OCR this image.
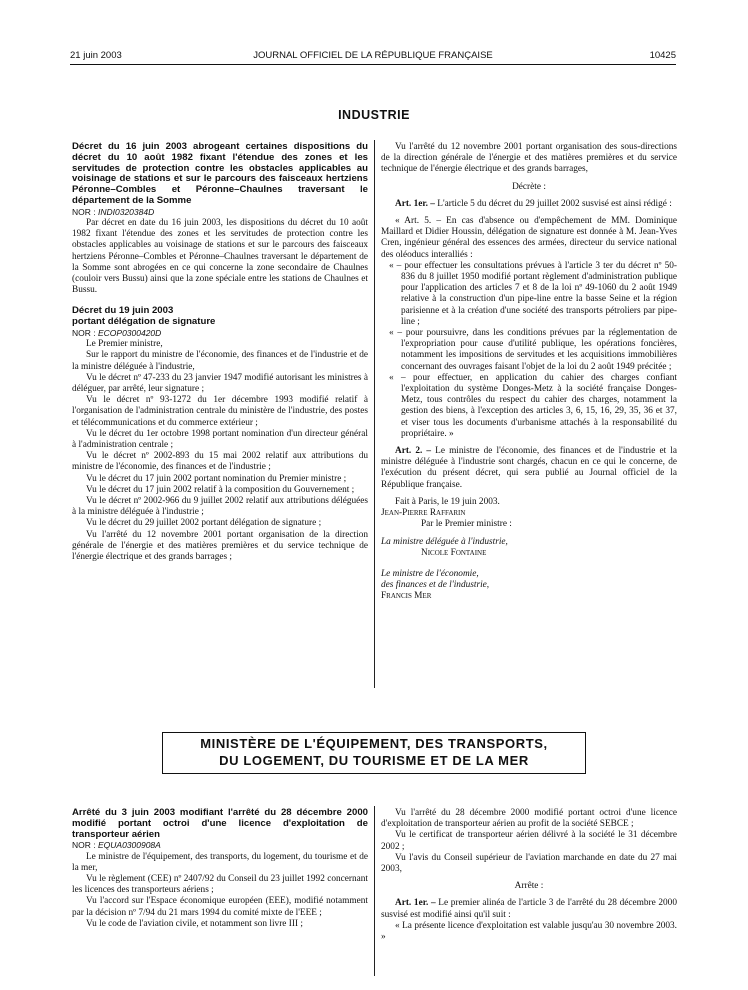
21 juin 2003	JOURNAL OFFICIEL DE LA RÉPUBLIQUE FRANÇAISE	10425
INDUSTRIE

Décret du 16 juin 2003 abrogeant certaines dispositions du décret du 10 août 1982 fixant l'étendue des zones et les servitudes de protection contre les obstacles applicables au voisinage de stations et sur le parcours des faisceaux hertziens Péronne–Combles et Péronne–Chaulnes traversant le département de la Somme

NOR : INDI0320384D

Par décret en date du 16 juin 2003, les dispositions du décret du 10 août 1982 fixant l'étendue des zones et les servitudes de protection contre les obstacles applicables au voisinage de stations et sur le parcours des faisceaux hertziens Péronne–Combles et Péronne–Chaulnes traversant le département de la Somme sont abrogées en ce qui concerne la zone secondaire de Chaulnes (couloir vers Bussu) ainsi que la zone spéciale entre les stations de Chaulnes et Bussu.

Décret du 19 juin 2003

portant délégation de signature

NOR : ECOP0300420D

Le Premier ministre,

Sur le rapport du ministre de l'économie, des finances et de l'industrie et de la ministre déléguée à l'industrie,

Vu le décret nº 47-233 du 23 janvier 1947 modifié autorisant les ministres à déléguer, par arrêté, leur signature ;

Vu le décret nº 93-1272 du 1er décembre 1993 modifié relatif à l'organisation de l'administration centrale du ministère de l'industrie, des postes et télécommunications et du commerce extérieur ;

Vu le décret du 1er octobre 1998 portant nomination d'un directeur général à l'administration centrale ;

Vu le décret nº 2002-893 du 15 mai 2002 relatif aux attributions du ministre de l'économie, des finances et de l'industrie ;

Vu le décret du 17 juin 2002 portant nomination du Premier ministre ;

Vu le décret du 17 juin 2002 relatif à la composition du Gouvernement ;

Vu le décret nº 2002-966 du 9 juillet 2002 relatif aux attributions déléguées à la ministre déléguée à l'industrie ;

Vu le décret du 29 juillet 2002 portant délégation de signature ;

Vu l'arrêté du 12 novembre 2001 portant organisation de la direction générale de l'énergie et des matières premières et du service technique de l'énergie électrique et des grands barrages ;

Vu l'arrêté du 12 novembre 2001 portant organisation des sous-directions de la direction générale de l'énergie et des matières premières et du service technique de l'énergie électrique et des grands barrages,

Décrète :

Art. 1er. – L'article 5 du décret du 29 juillet 2002 susvisé est ainsi rédigé :

« Art. 5. – En cas d'absence ou d'empêchement de MM. Dominique Maillard et Didier Houssin, délégation de signature est donnée à M. Jean-Yves Cren, ingénieur général des essences des armées, directeur du service national des oléoducs interalliés :

« – pour effectuer les consultations prévues à l'article 3 ter du décret nº 50-836 du 8 juillet 1950 modifié portant règlement d'administration publique pour l'application des articles 7 et 8 de la loi nº 49-1060 du 2 août 1949 relative à la construction d'un pipe-line entre la basse Seine et la région parisienne et à la création d'une société des transports pétroliers par pipe-line ;

« – pour poursuivre, dans les conditions prévues par la réglementation de l'expropriation pour cause d'utilité publique, les opérations foncières, notamment les impositions de servitudes et les acquisitions immobilières concernant des ouvrages faisant l'objet de la loi du 2 août 1949 précitée ;

« – pour effectuer, en application du cahier des charges confiant l'exploitation du système Donges-Metz à la société française Donges-Metz, tous contrôles du respect du cahier des charges, notamment la gestion des biens, à l'exception des articles 3, 6, 15, 16, 29, 35, 36 et 37, et viser tous les documents d'urbanisme attachés à la responsabilité du propriétaire. »

Art. 2. – Le ministre de l'économie, des finances et de l'industrie et la ministre déléguée à l'industrie sont chargés, chacun en ce qui le concerne, de l'exécution du présent décret, qui sera publié au Journal officiel de la République française.

Fait à Paris, le 19 juin 2003.

Jean-Pierre Raffarin

Par le Premier ministre :

La ministre déléguée à l'industrie,

Nicole Fontaine

Le ministre de l'économie,

des finances et de l'industrie,

Francis Mer

MINISTÈRE DE L'ÉQUIPEMENT, DES TRANSPORTS,
DU LOGEMENT, DU TOURISME ET DE LA MER

Arrêté du 3 juin 2003 modifiant l'arrêté du 28 décembre 2000 modifié portant octroi d'une licence d'exploitation de transporteur aérien

NOR : EQUA0300908A

Le ministre de l'équipement, des transports, du logement, du tourisme et de la mer,

Vu le règlement (CEE) nº 2407/92 du Conseil du 23 juillet 1992 concernant les licences des transporteurs aériens ;

Vu l'accord sur l'Espace économique européen (EEE), modifié notamment par la décision nº 7/94 du 21 mars 1994 du comité mixte de l'EEE ;

Vu le code de l'aviation civile, et notamment son livre III ;

Vu l'arrêté du 28 décembre 2000 modifié portant octroi d'une licence d'exploitation de transporteur aérien au profit de la société SEBCE ;

Vu le certificat de transporteur aérien délivré à la société le 31 décembre 2002 ;

Vu l'avis du Conseil supérieur de l'aviation marchande en date du 27 mai 2003,

Arrête :

Art. 1er. – Le premier alinéa de l'article 3 de l'arrêté du 28 décembre 2000 susvisé est modifié ainsi qu'il suit :

« La présente licence d'exploitation est valable jusqu'au 30 novembre 2003. »
